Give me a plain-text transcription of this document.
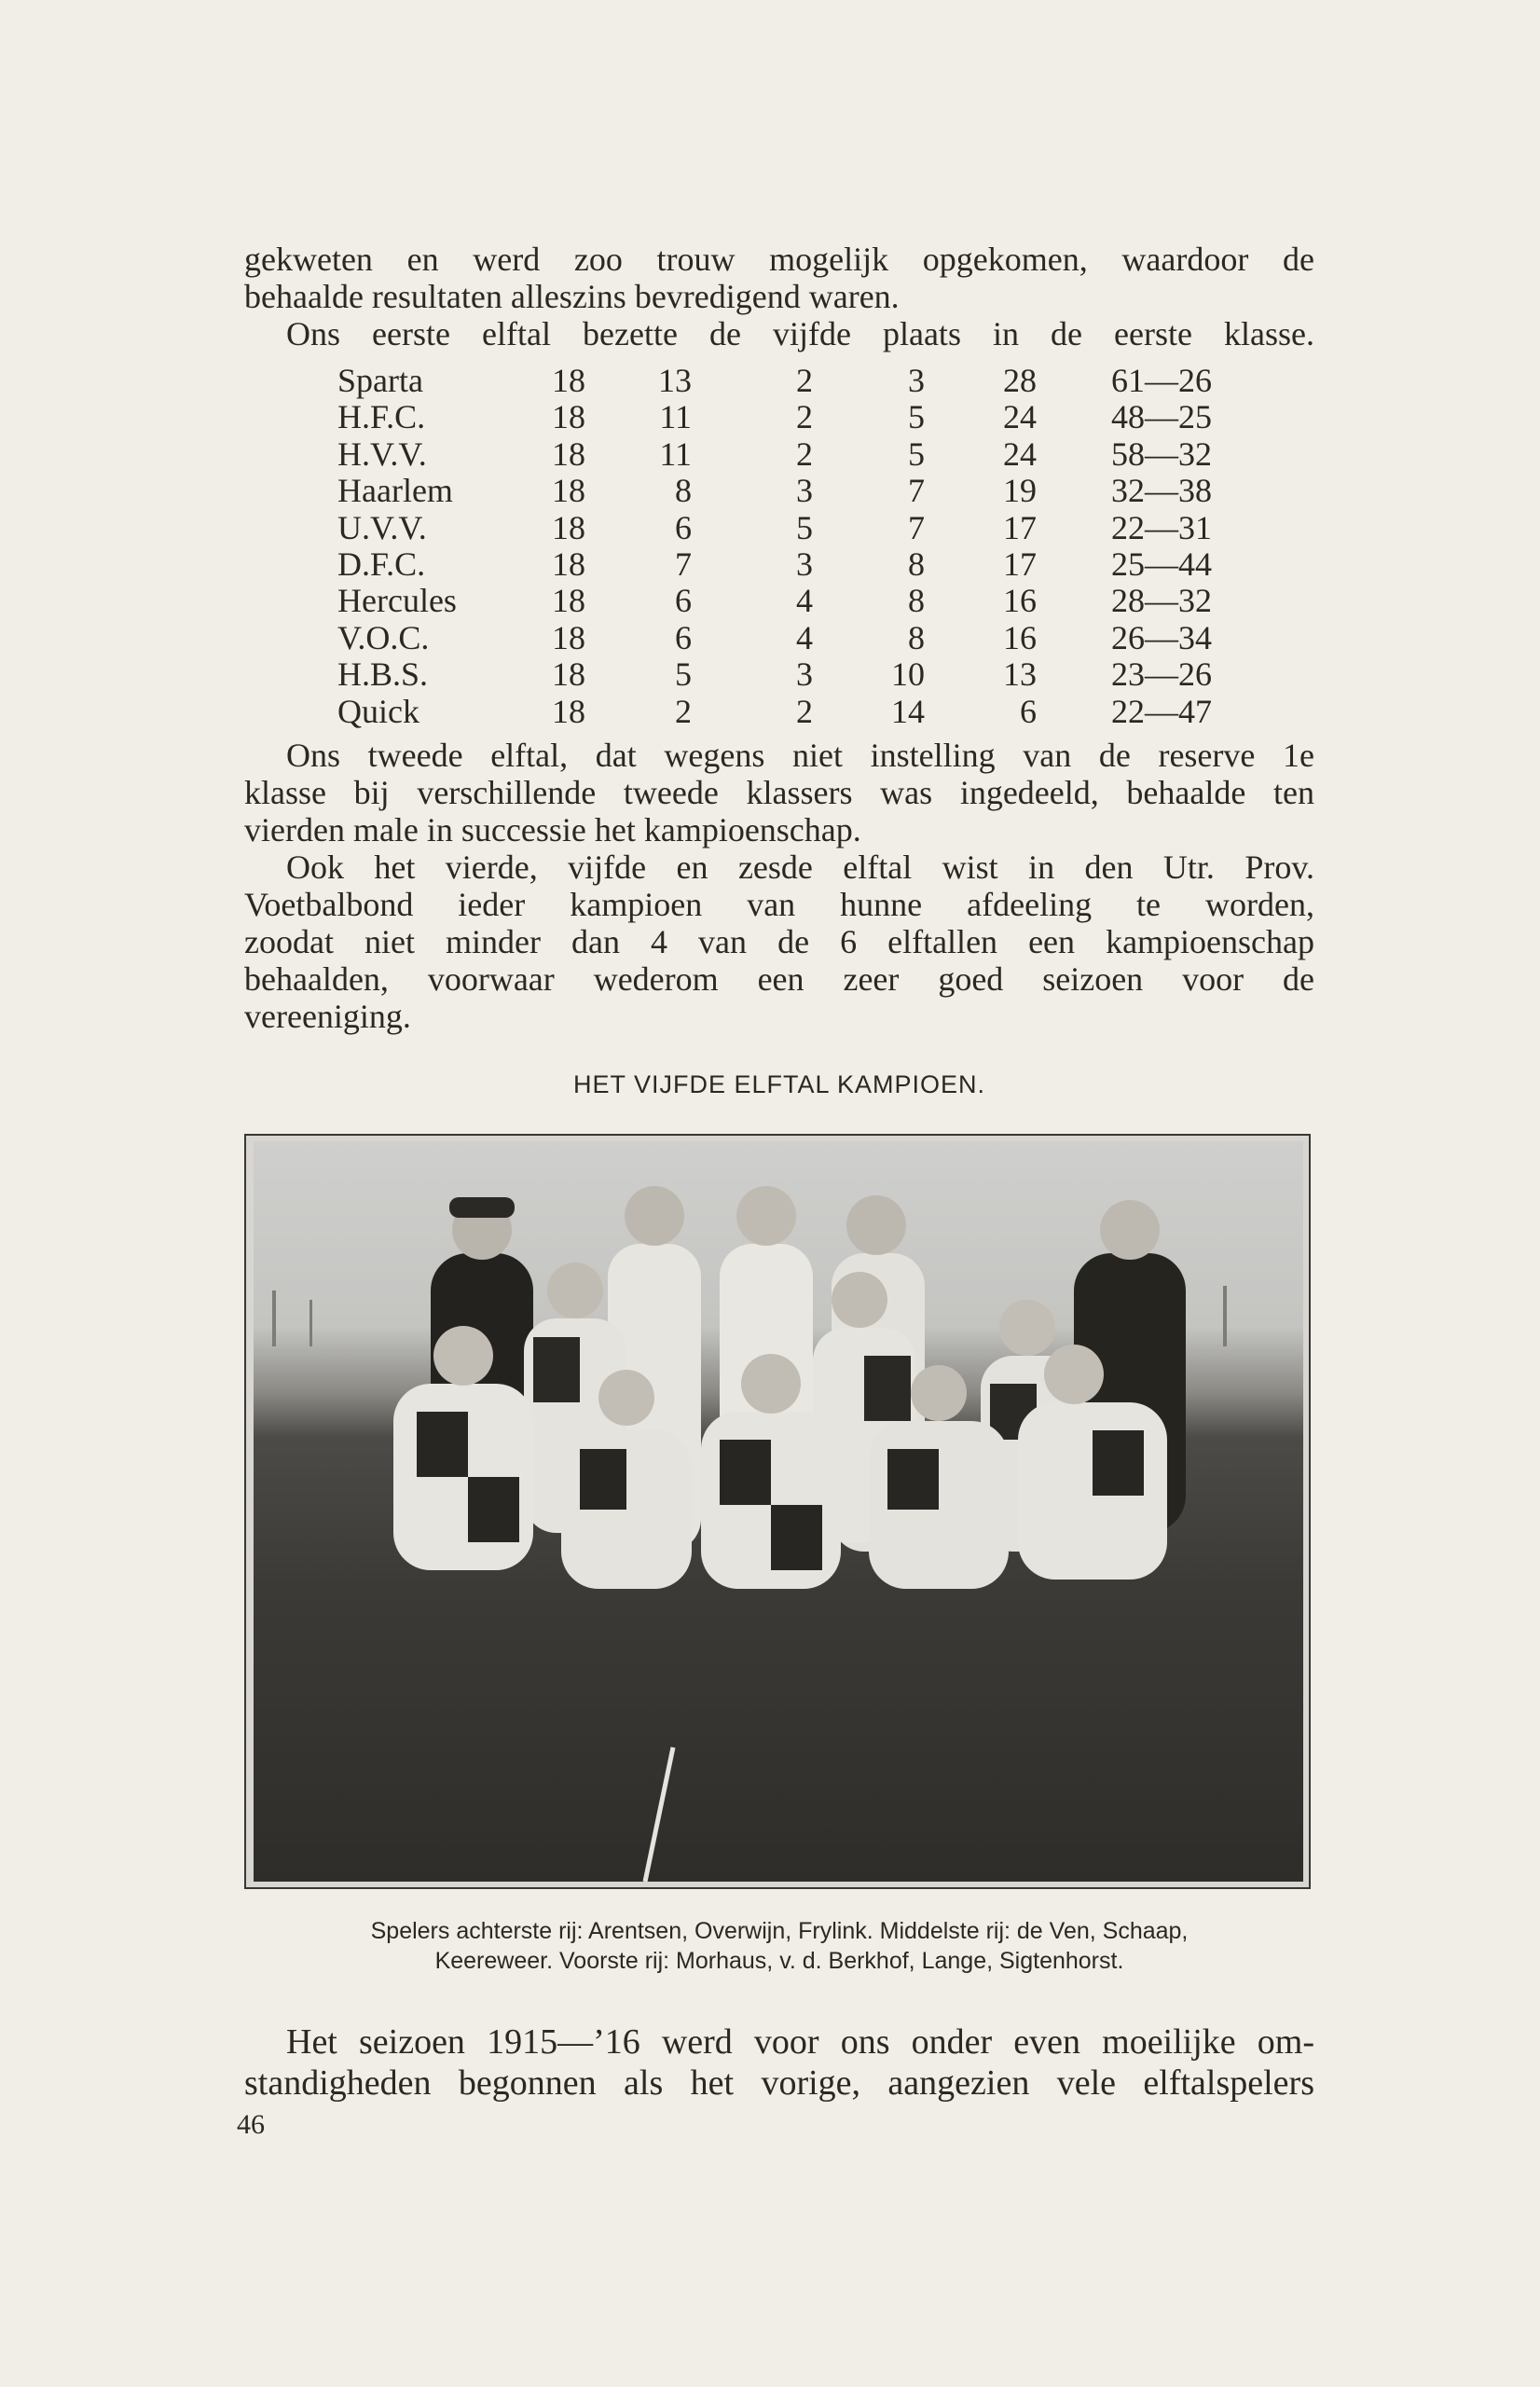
gekweten en werd zoo trouw mogelijk opgekomen, waardoor de

behaalde resultaten alleszins bevredigend waren.

Ons eerste elftal bezette de vijfde plaats in de eerste klasse.

Sparta	18	13	2	3	28 61—26
H.F.C.	18	11	2	5	24 48—25
H.V.V.	18	11	2	5	24 58—32
Haarlem	18	8	3	7	19 32—38
U.V.V.	18	6	5	7	17 22—31
D.F.C.	18	7	3	8	17 25—44
Hercules	18	6	4	8	16 28—32
V.O.C.	18	6	4	8	16 26—34
H.B.S.	18	5	3	10	13 23—26
Quick	18	2	2	14	6 22—47

Ons tweede elftal, dat wegens niet instelling van de reserve 1e

klasse bij verschillende tweede klassers was ingedeeld, behaalde ten

vierden male in successie het kampioenschap.

Ook het vierde, vijfde en zesde elftal wist in den Utr. Prov.

Voetbalbond ieder kampioen van hunne afdeeling te worden,

zoodat niet minder dan 4 van de 6 elftallen een kampioenschap

behaalden, voorwaar wederom een zeer goed seizoen voor de

vereeniging.

HET VIJFDE ELFTAL KAMPIOEN.
Spelers achterste rij: Arentsen, Overwijn, Frylink. Middelste rij: de Ven, Schaap,
Keereweer. Voorste rij: Morhaus, v. d. Berkhof, Lange, Sigtenhorst.

Het seizoen 1915—’16 werd voor ons onder even moeilijke om-

standigheden begonnen als het vorige, aangezien vele elftalspelers

46
